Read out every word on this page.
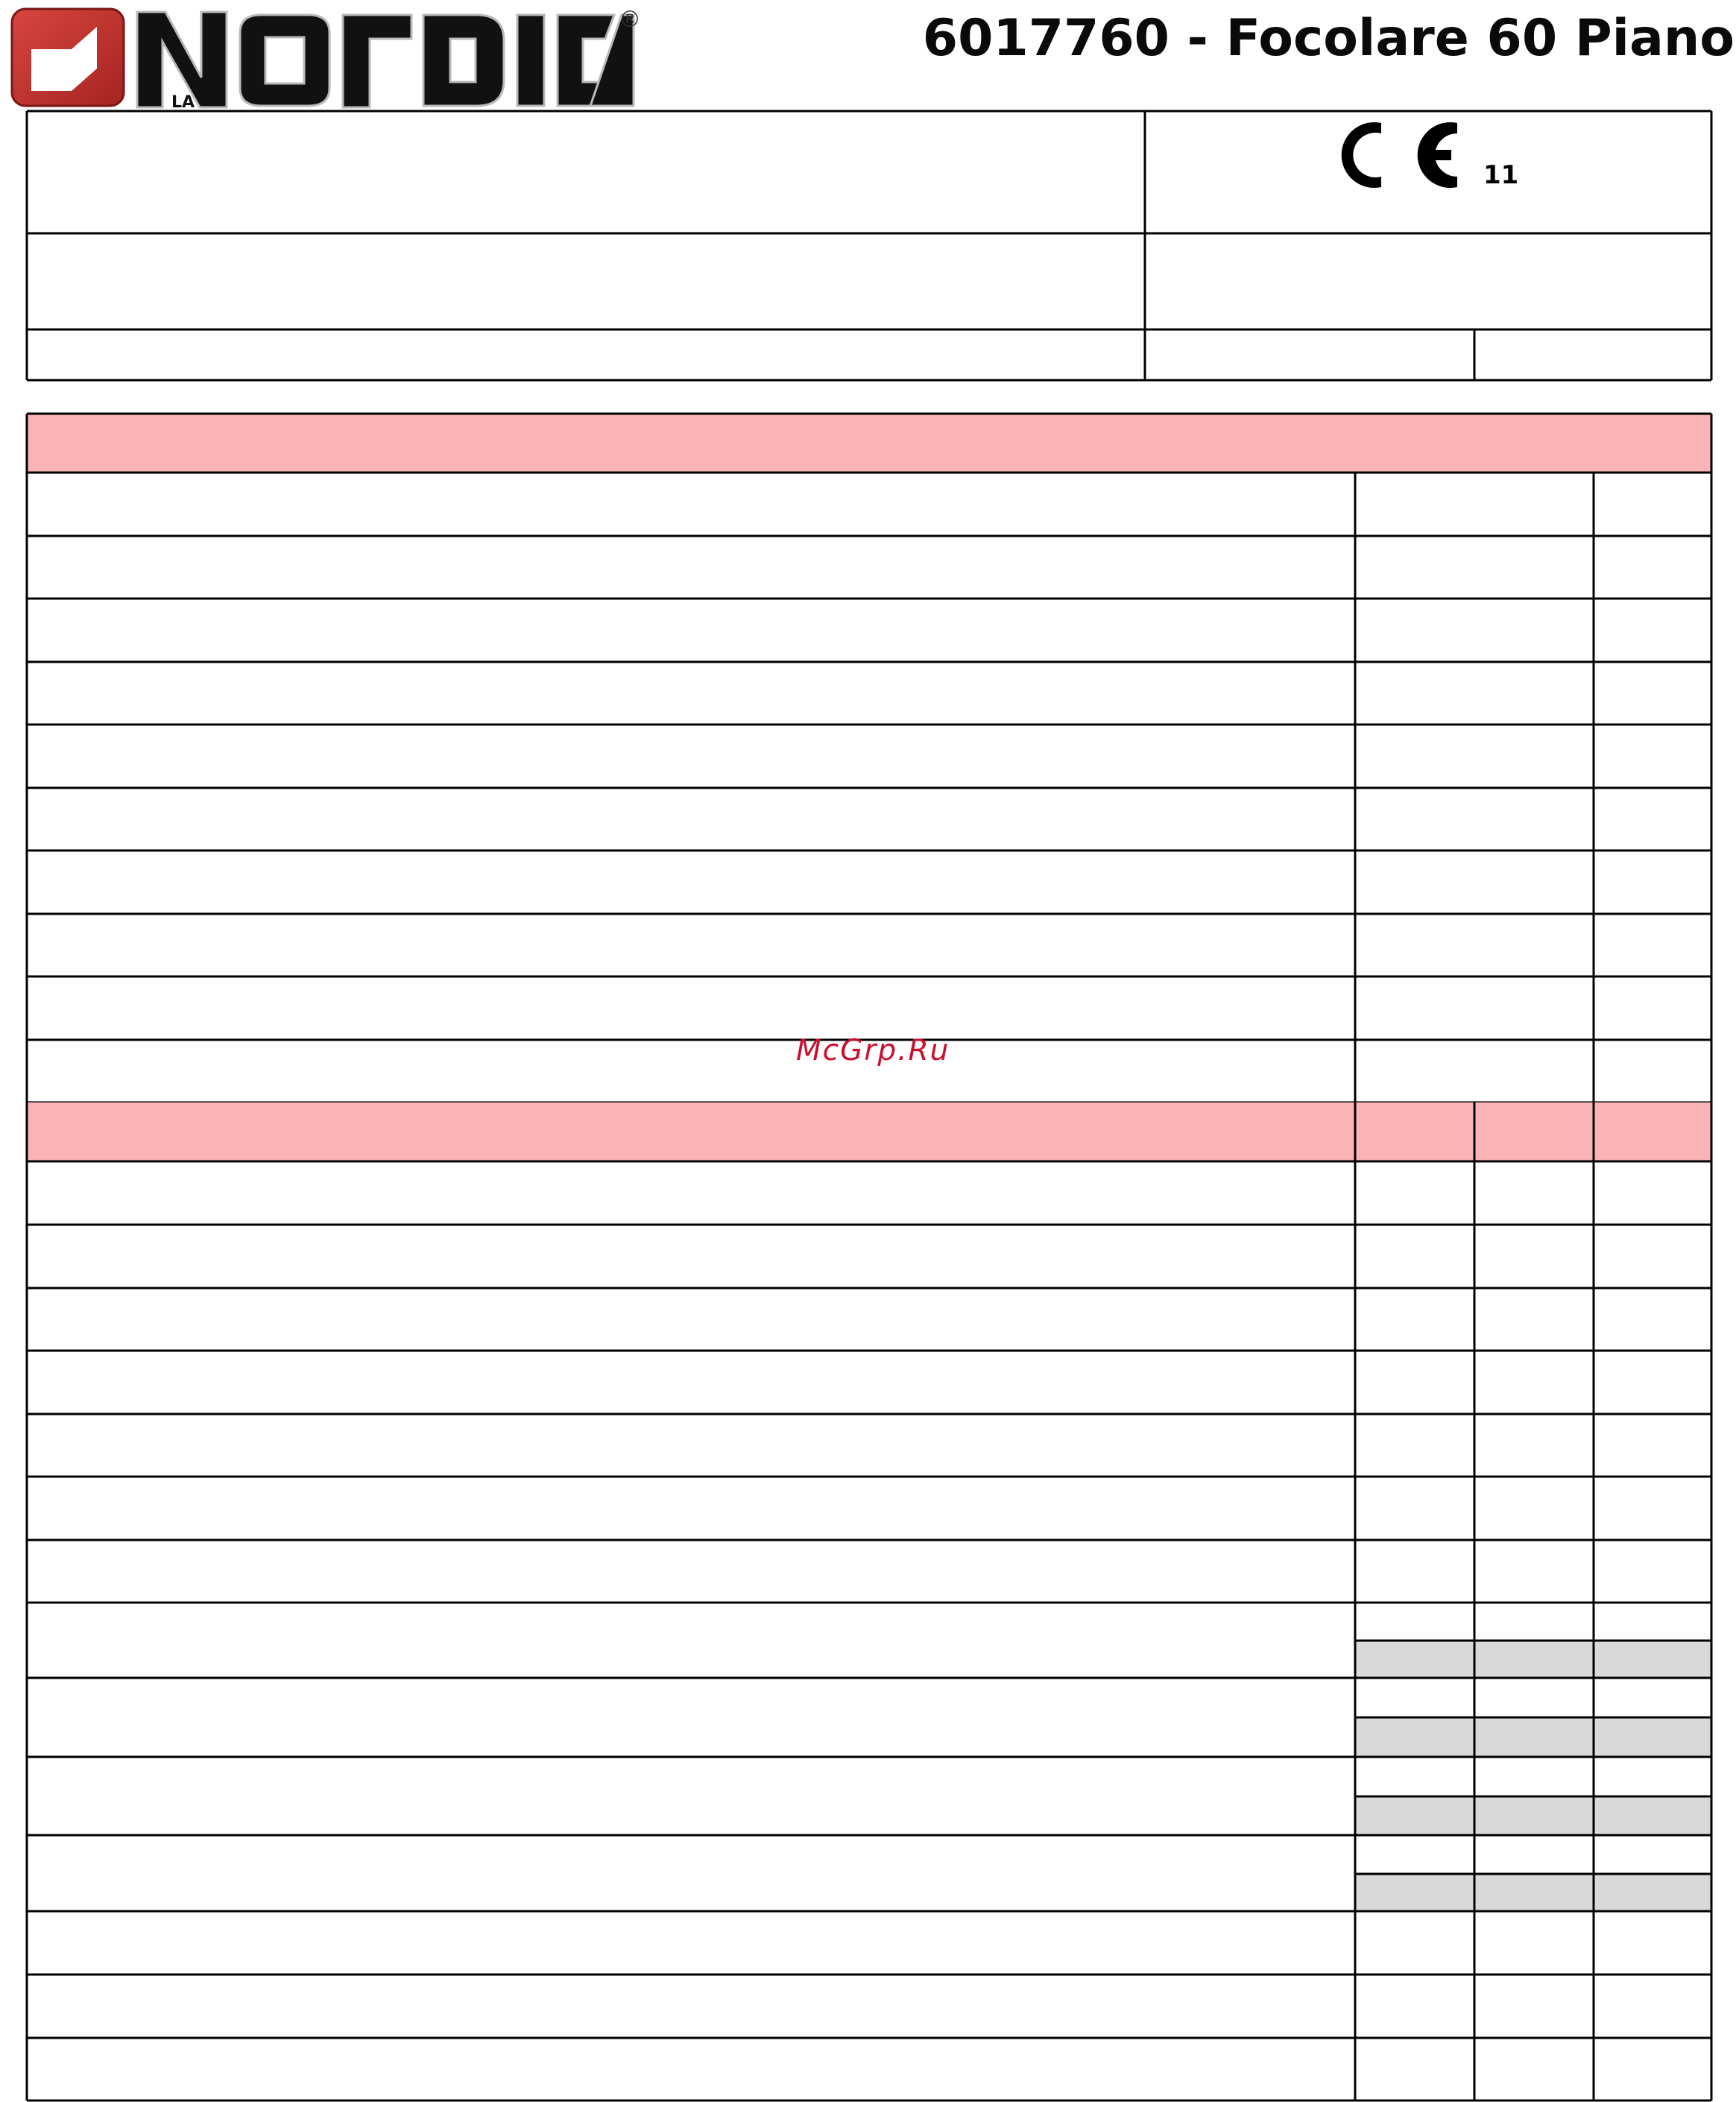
LA
®	6017760 - Focolare 60 Piano
11
McGrp.Ru
